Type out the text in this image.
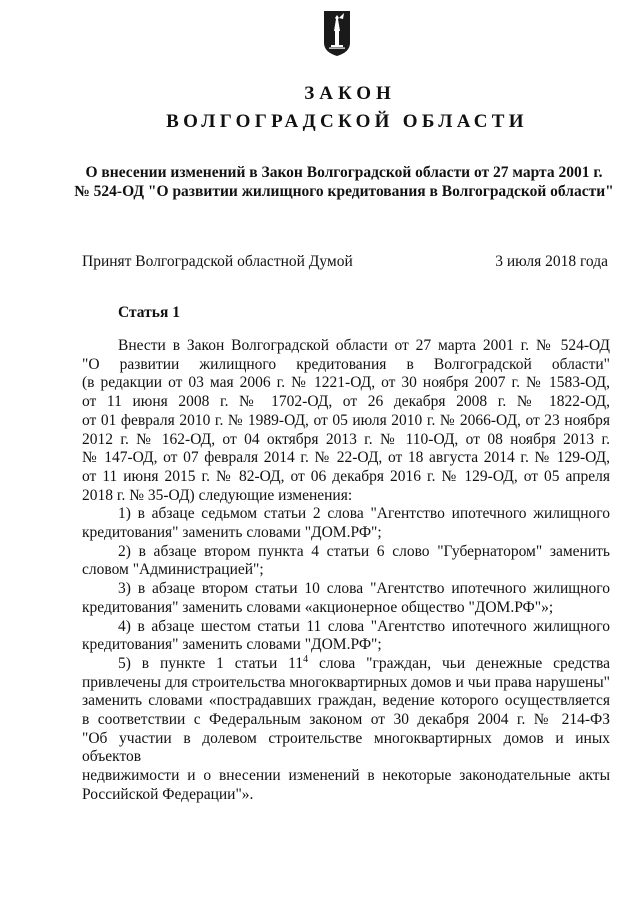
ЗАКОН
ВОЛГОГРАДСКОЙ ОБЛАСТИ
О внесении изменений в Закон Волгоградской области от 27 марта 2001 г.
№ 524-ОД "О развитии жилищного кредитования в Волгоградской области"
Принят Волгоградской областной Думой	3 июля 2018 года
Статья 1

Внести в Закон Волгоградской области от 27 марта 2001 г. № 524-ОД

"О развитии жилищного кредитования в Волгоградской области"

(в редакции от 03 мая 2006 г. № 1221-ОД, от 30 ноября 2007 г. № 1583-ОД,

от 11 июня 2008 г. № 1702-ОД, от 26 декабря 2008 г. № 1822-ОД,

от 01 февраля 2010 г. № 1989-ОД, от 05 июля 2010 г. № 2066-ОД, от 23 ноября

2012 г. № 162-ОД, от 04 октября 2013 г. № 110-ОД, от 08 ноября 2013 г.

№ 147-ОД, от 07 февраля 2014 г. № 22-ОД, от 18 августа 2014 г. № 129-ОД,

от 11 июня 2015 г. № 82-ОД, от 06 декабря 2016 г. № 129-ОД, от 05 апреля

2018 г. № 35-ОД) следующие изменения:

1) в абзаце седьмом статьи 2 слова "Агентство ипотечного жилищного

кредитования" заменить словами "ДОМ.РФ";

2) в абзаце втором пункта 4 статьи 6 слово "Губернатором" заменить

словом "Администрацией";

3) в абзаце втором статьи 10 слова "Агентство ипотечного жилищного

кредитования" заменить словами «акционерное общество "ДОМ.РФ"»;

4) в абзаце шестом статьи 11 слова "Агентство ипотечного жилищного

кредитования" заменить словами "ДОМ.РФ";

5) в пункте 1 статьи $11^4$ слова "граждан, чьи денежные средства

привлечены для строительства многоквартирных домов и чьи права нарушены"

заменить словами «пострадавших граждан, ведение которого осуществляется

в соответствии с Федеральным законом от 30 декабря 2004 г. № 214-ФЗ

"Об участии в долевом строительстве многоквартирных домов и иных объектов

недвижимости и о внесении изменений в некоторые законодательные акты

Российской Федерации"».
